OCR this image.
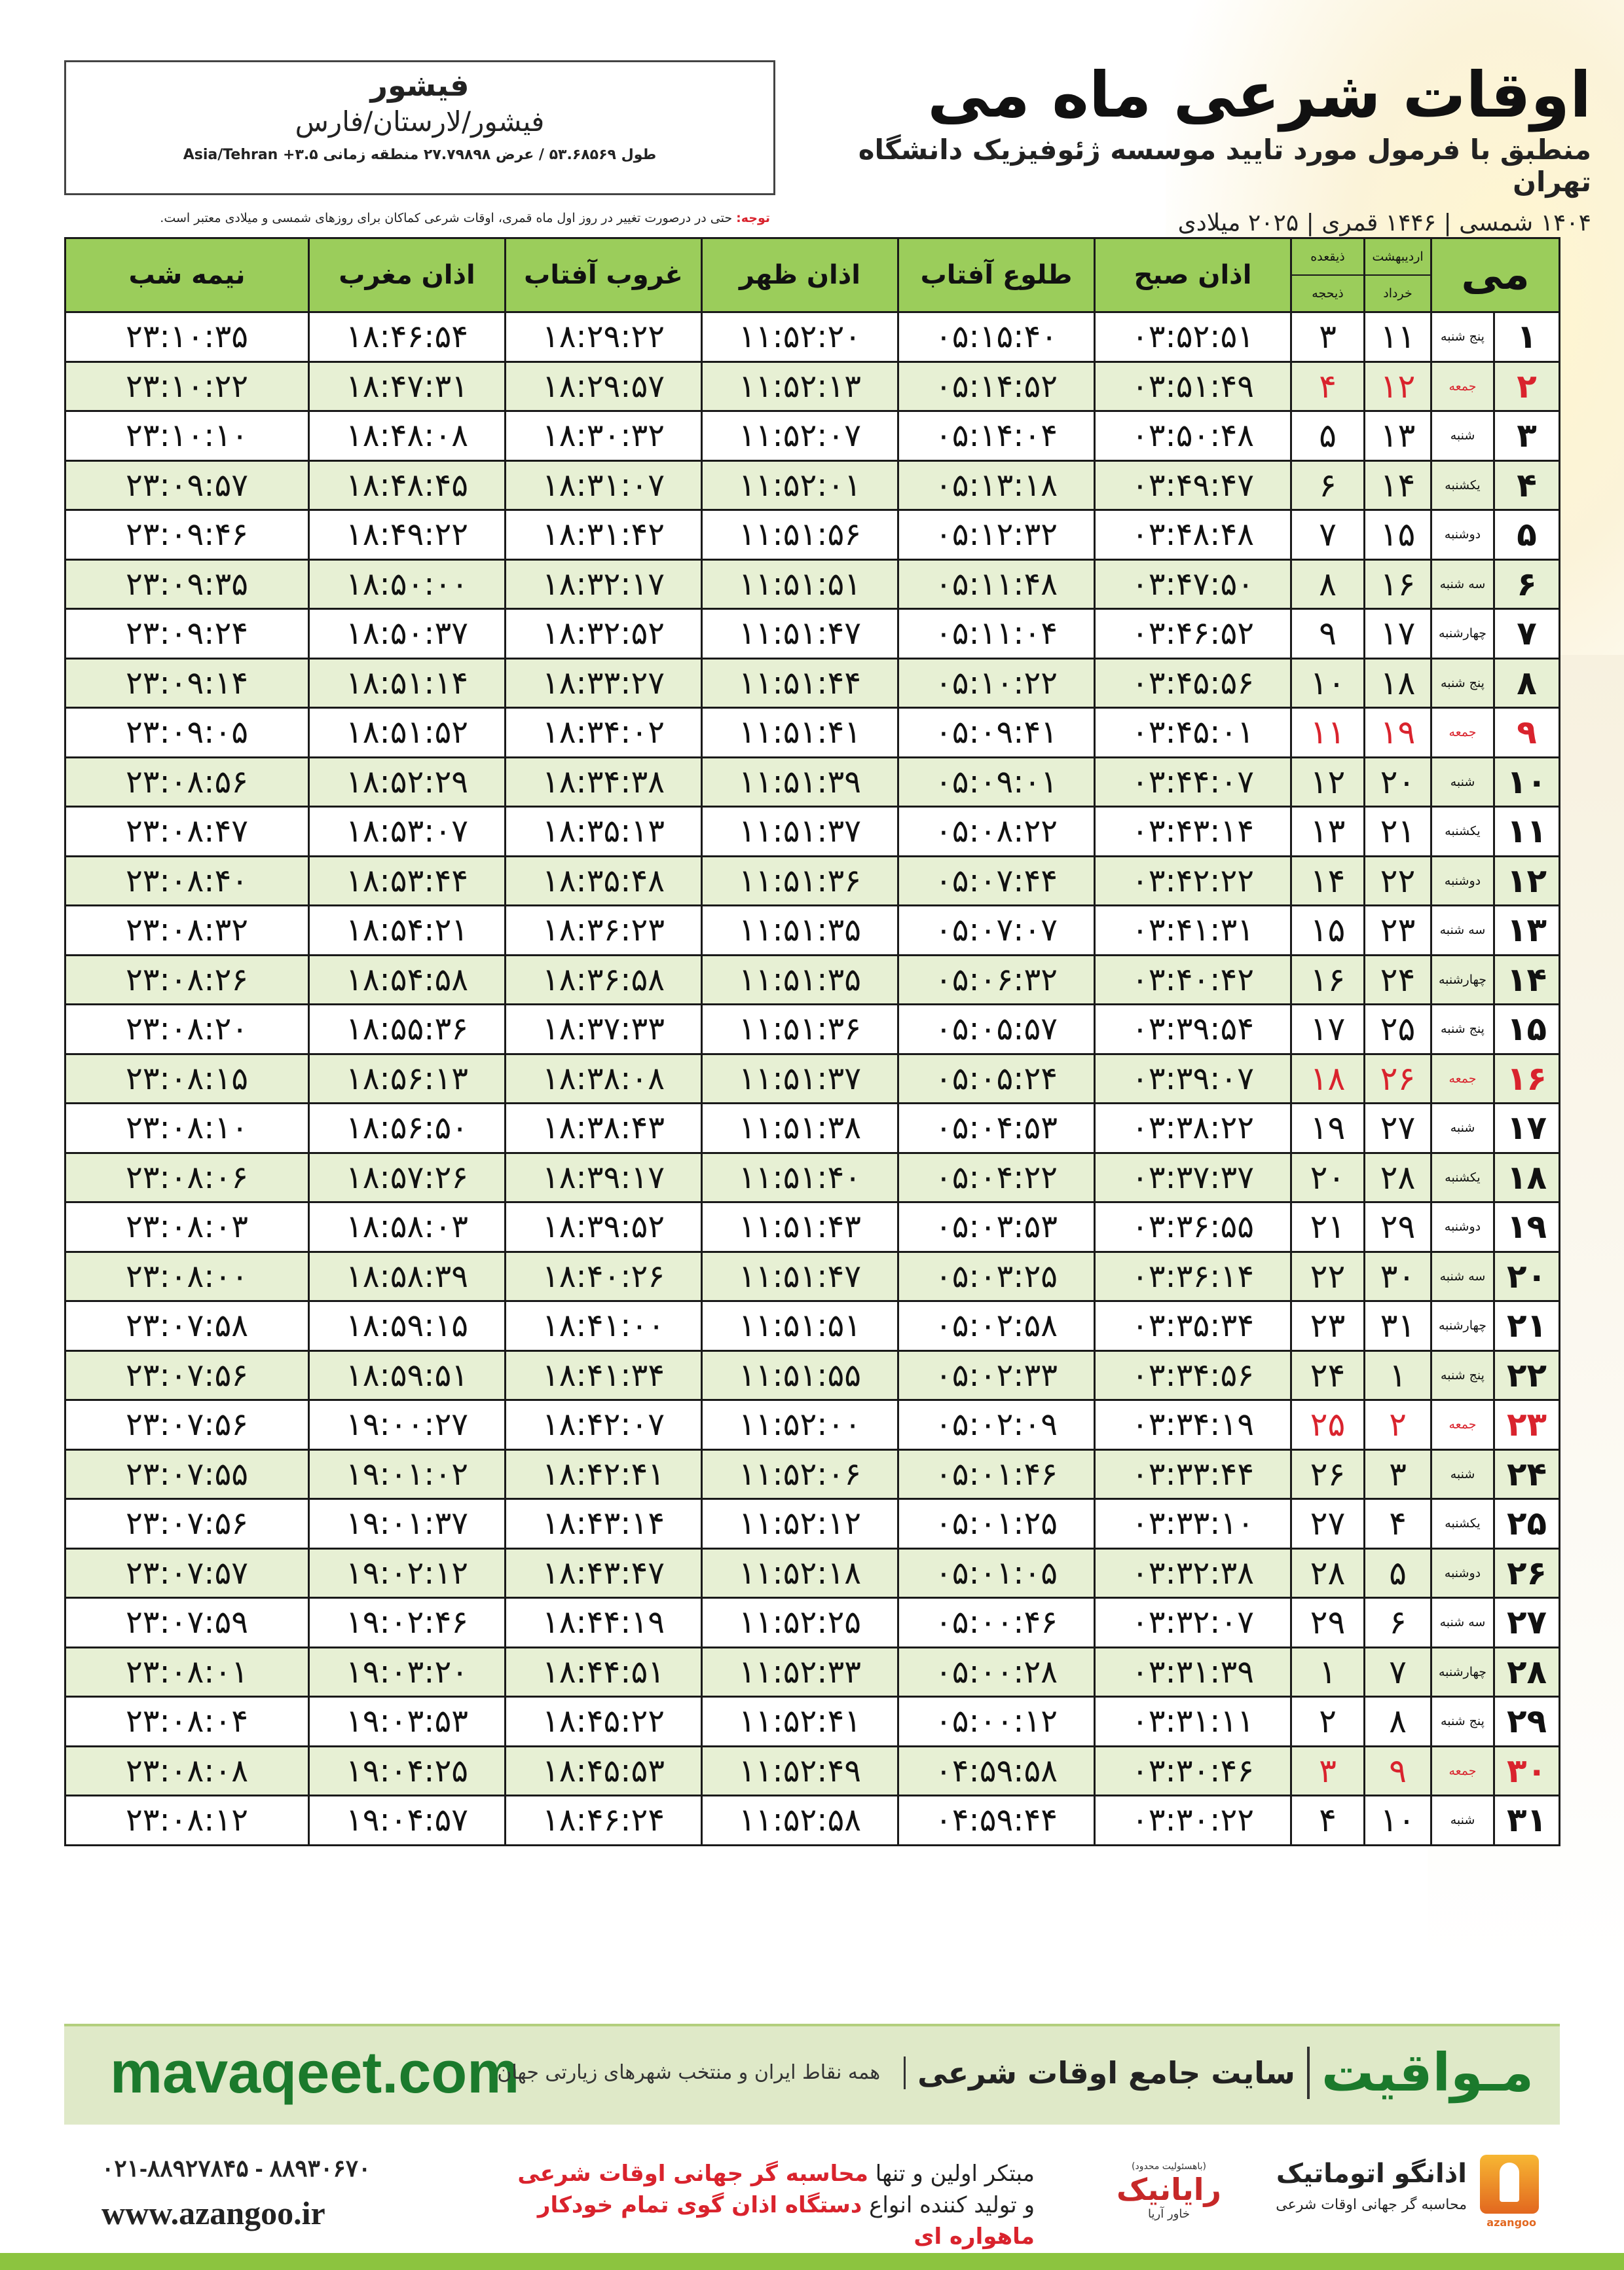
فیشور
فیشور/لارستان/فارس
طول ۵۳.۶۸۵۶۹ / عرض ۲۷.۷۹۸۹۸ منطقه زمانی ۳.۵+ Asia/Tehran
اوقات شرعی ماه می
منطبق با فرمول مورد تایید موسسه ژئوفیزیک دانشگاه تهران
۱۴۰۴ شمسی | ۱۴۴۶ قمری | ۲۰۲۵ میلادی
توجه: حتی در درصورت تغییر در روز اول ماه قمری، اوقات شرعی کماکان برای روزهای شمسی و میلادی معتبر است.
می		اردیبهشت
خرداد	ذیقعده
ذیحجه	اذان صبح	طلوع آفتاب	اذان ظهر	غروب آفتاب	اذان مغرب	نیمه شب
۱	پنج شنبه	۱۱	۳	۰۳:۵۲:۵۱	۰۵:۱۵:۴۰	۱۱:۵۲:۲۰	۱۸:۲۹:۲۲	۱۸:۴۶:۵۴	۲۳:۱۰:۳۵
۲	جمعه	۱۲	۴	۰۳:۵۱:۴۹	۰۵:۱۴:۵۲	۱۱:۵۲:۱۳	۱۸:۲۹:۵۷	۱۸:۴۷:۳۱	۲۳:۱۰:۲۲
۳	شنبه	۱۳	۵	۰۳:۵۰:۴۸	۰۵:۱۴:۰۴	۱۱:۵۲:۰۷	۱۸:۳۰:۳۲	۱۸:۴۸:۰۸	۲۳:۱۰:۱۰
۴	یکشنبه	۱۴	۶	۰۳:۴۹:۴۷	۰۵:۱۳:۱۸	۱۱:۵۲:۰۱	۱۸:۳۱:۰۷	۱۸:۴۸:۴۵	۲۳:۰۹:۵۷
۵	دوشنبه	۱۵	۷	۰۳:۴۸:۴۸	۰۵:۱۲:۳۲	۱۱:۵۱:۵۶	۱۸:۳۱:۴۲	۱۸:۴۹:۲۲	۲۳:۰۹:۴۶
۶	سه شنبه	۱۶	۸	۰۳:۴۷:۵۰	۰۵:۱۱:۴۸	۱۱:۵۱:۵۱	۱۸:۳۲:۱۷	۱۸:۵۰:۰۰	۲۳:۰۹:۳۵
۷	چهارشنبه	۱۷	۹	۰۳:۴۶:۵۲	۰۵:۱۱:۰۴	۱۱:۵۱:۴۷	۱۸:۳۲:۵۲	۱۸:۵۰:۳۷	۲۳:۰۹:۲۴
۸	پنج شنبه	۱۸	۱۰	۰۳:۴۵:۵۶	۰۵:۱۰:۲۲	۱۱:۵۱:۴۴	۱۸:۳۳:۲۷	۱۸:۵۱:۱۴	۲۳:۰۹:۱۴
۹	جمعه	۱۹	۱۱	۰۳:۴۵:۰۱	۰۵:۰۹:۴۱	۱۱:۵۱:۴۱	۱۸:۳۴:۰۲	۱۸:۵۱:۵۲	۲۳:۰۹:۰۵
۱۰	شنبه	۲۰	۱۲	۰۳:۴۴:۰۷	۰۵:۰۹:۰۱	۱۱:۵۱:۳۹	۱۸:۳۴:۳۸	۱۸:۵۲:۲۹	۲۳:۰۸:۵۶
۱۱	یکشنبه	۲۱	۱۳	۰۳:۴۳:۱۴	۰۵:۰۸:۲۲	۱۱:۵۱:۳۷	۱۸:۳۵:۱۳	۱۸:۵۳:۰۷	۲۳:۰۸:۴۷
۱۲	دوشنبه	۲۲	۱۴	۰۳:۴۲:۲۲	۰۵:۰۷:۴۴	۱۱:۵۱:۳۶	۱۸:۳۵:۴۸	۱۸:۵۳:۴۴	۲۳:۰۸:۴۰
۱۳	سه شنبه	۲۳	۱۵	۰۳:۴۱:۳۱	۰۵:۰۷:۰۷	۱۱:۵۱:۳۵	۱۸:۳۶:۲۳	۱۸:۵۴:۲۱	۲۳:۰۸:۳۲
۱۴	چهارشنبه	۲۴	۱۶	۰۳:۴۰:۴۲	۰۵:۰۶:۳۲	۱۱:۵۱:۳۵	۱۸:۳۶:۵۸	۱۸:۵۴:۵۸	۲۳:۰۸:۲۶
۱۵	پنج شنبه	۲۵	۱۷	۰۳:۳۹:۵۴	۰۵:۰۵:۵۷	۱۱:۵۱:۳۶	۱۸:۳۷:۳۳	۱۸:۵۵:۳۶	۲۳:۰۸:۲۰
۱۶	جمعه	۲۶	۱۸	۰۳:۳۹:۰۷	۰۵:۰۵:۲۴	۱۱:۵۱:۳۷	۱۸:۳۸:۰۸	۱۸:۵۶:۱۳	۲۳:۰۸:۱۵
۱۷	شنبه	۲۷	۱۹	۰۳:۳۸:۲۲	۰۵:۰۴:۵۳	۱۱:۵۱:۳۸	۱۸:۳۸:۴۳	۱۸:۵۶:۵۰	۲۳:۰۸:۱۰
۱۸	یکشنبه	۲۸	۲۰	۰۳:۳۷:۳۷	۰۵:۰۴:۲۲	۱۱:۵۱:۴۰	۱۸:۳۹:۱۷	۱۸:۵۷:۲۶	۲۳:۰۸:۰۶
۱۹	دوشنبه	۲۹	۲۱	۰۳:۳۶:۵۵	۰۵:۰۳:۵۳	۱۱:۵۱:۴۳	۱۸:۳۹:۵۲	۱۸:۵۸:۰۳	۲۳:۰۸:۰۳
۲۰	سه شنبه	۳۰	۲۲	۰۳:۳۶:۱۴	۰۵:۰۳:۲۵	۱۱:۵۱:۴۷	۱۸:۴۰:۲۶	۱۸:۵۸:۳۹	۲۳:۰۸:۰۰
۲۱	چهارشنبه	۳۱	۲۳	۰۳:۳۵:۳۴	۰۵:۰۲:۵۸	۱۱:۵۱:۵۱	۱۸:۴۱:۰۰	۱۸:۵۹:۱۵	۲۳:۰۷:۵۸
۲۲	پنج شنبه	۱	۲۴	۰۳:۳۴:۵۶	۰۵:۰۲:۳۳	۱۱:۵۱:۵۵	۱۸:۴۱:۳۴	۱۸:۵۹:۵۱	۲۳:۰۷:۵۶
۲۳	جمعه	۲	۲۵	۰۳:۳۴:۱۹	۰۵:۰۲:۰۹	۱۱:۵۲:۰۰	۱۸:۴۲:۰۷	۱۹:۰۰:۲۷	۲۳:۰۷:۵۶
۲۴	شنبه	۳	۲۶	۰۳:۳۳:۴۴	۰۵:۰۱:۴۶	۱۱:۵۲:۰۶	۱۸:۴۲:۴۱	۱۹:۰۱:۰۲	۲۳:۰۷:۵۵
۲۵	یکشنبه	۴	۲۷	۰۳:۳۳:۱۰	۰۵:۰۱:۲۵	۱۱:۵۲:۱۲	۱۸:۴۳:۱۴	۱۹:۰۱:۳۷	۲۳:۰۷:۵۶
۲۶	دوشنبه	۵	۲۸	۰۳:۳۲:۳۸	۰۵:۰۱:۰۵	۱۱:۵۲:۱۸	۱۸:۴۳:۴۷	۱۹:۰۲:۱۲	۲۳:۰۷:۵۷
۲۷	سه شنبه	۶	۲۹	۰۳:۳۲:۰۷	۰۵:۰۰:۴۶	۱۱:۵۲:۲۵	۱۸:۴۴:۱۹	۱۹:۰۲:۴۶	۲۳:۰۷:۵۹
۲۸	چهارشنبه	۷	۱	۰۳:۳۱:۳۹	۰۵:۰۰:۲۸	۱۱:۵۲:۳۳	۱۸:۴۴:۵۱	۱۹:۰۳:۲۰	۲۳:۰۸:۰۱
۲۹	پنج شنبه	۸	۲	۰۳:۳۱:۱۱	۰۵:۰۰:۱۲	۱۱:۵۲:۴۱	۱۸:۴۵:۲۲	۱۹:۰۳:۵۳	۲۳:۰۸:۰۴
۳۰	جمعه	۹	۳	۰۳:۳۰:۴۶	۰۴:۵۹:۵۸	۱۱:۵۲:۴۹	۱۸:۴۵:۵۳	۱۹:۰۴:۲۵	۲۳:۰۸:۰۸
۳۱	شنبه	۱۰	۴	۰۳:۳۰:۲۲	۰۴:۵۹:۴۴	۱۱:۵۲:۵۸	۱۸:۴۶:۲۴	۱۹:۰۴:۵۷	۲۳:۰۸:۱۲
mavaqeet.com	مـواقیت
سایت جامع اوقات شرعی
همه نقاط ایران و منتخب شهرهای زیارتی جهان
۰۲۱-۸۸۹۲۷۸۴۵ - ۸۸۹۳۰۶۷۰
www.azangoo.ir
مبتکر اولین و تنها محاسبه گر جهانی اوقات شرعی
و تولید کننده انواع دستگاه اذان گوی تمام خودکار ماهواره ای
(باهسئولیت محدود)
رایانیک
خاور آریا
azangoo
اذانگو اتوماتیک
محاسبه گر جهانی اوقات شرعی
